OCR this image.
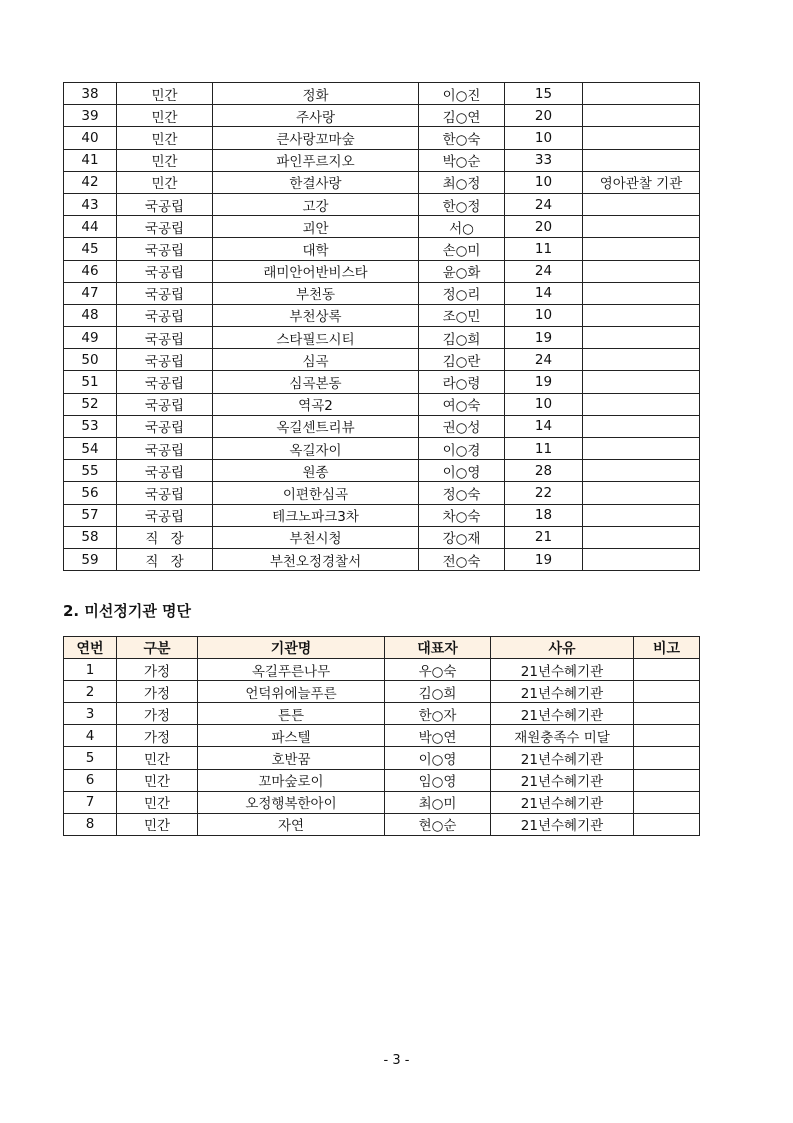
38	민간	정화	이○진	15	
39	민간	주사랑	김○연	20	
40	민간	큰사랑꼬마숲	한○숙	10	
41	민간	파인푸르지오	박○순	33	
42	민간	한결사랑	최○정	10	영아관찰 기관
43	국공립	고강	한○정	24	
44	국공립	괴안	서○	20	
45	국공립	대학	손○미	11	
46	국공립	래미안어반비스타	윤○화	24	
47	국공립	부천동	정○리	14	
48	국공립	부천상록	조○민	10	
49	국공립	스타필드시티	김○희	19	
50	국공립	심곡	김○란	24	
51	국공립	심곡본동	라○령	19	
52	국공립	역곡2	여○숙	10	
53	국공립	옥길센트리뷰	권○성	14	
54	국공립	옥길자이	이○경	11	
55	국공립	원종	이○영	28	
56	국공립	이편한심곡	정○숙	22	
57	국공립	테크노파크3차	차○숙	18	
58	직장	부천시청	강○재	21	
59	직장	부천오정경찰서	전○숙	19	
2. 미선정기관 명단
연번	구분	기관명	대표자	사유	비고
1	가정	옥길푸른나무	우○숙	21년수혜기관	
2	가정	언덕위에늘푸른	김○희	21년수혜기관	
3	가정	튼튼	한○자	21년수혜기관	
4	가정	파스텔	박○연	재원충족수 미달	
5	민간	호반꿈	이○영	21년수혜기관	
6	민간	꼬마숲로이	임○영	21년수혜기관	
7	민간	오정행복한아이	최○미	21년수혜기관	
8	민간	자연	현○순	21년수혜기관	
- 3 -
